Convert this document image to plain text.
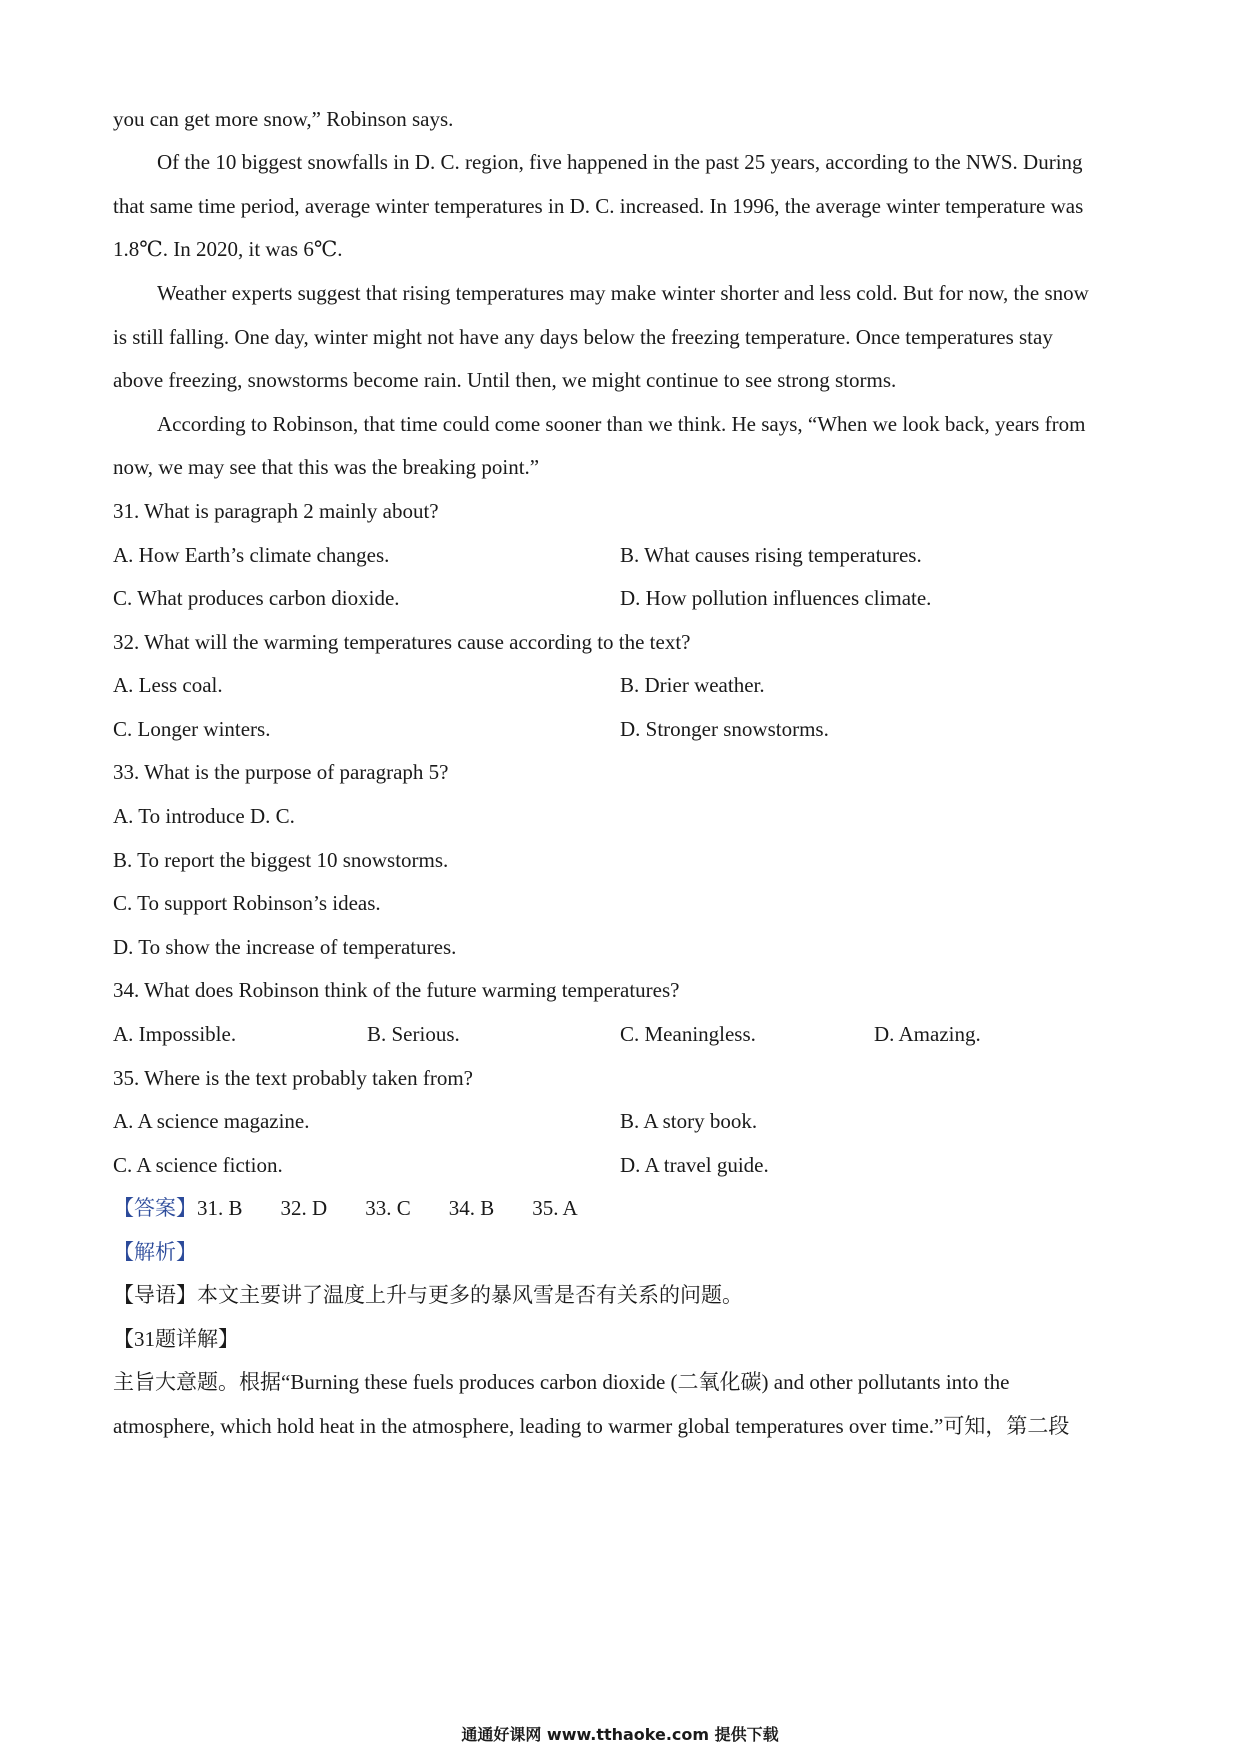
you can get more snow,” Robinson says.
Of the 10 biggest snowfalls in D. C. region, five happened in the past 25 years, according to the NWS. During
that same time period, average winter temperatures in D. C. increased. In 1996, the average winter temperature was
1.8℃. In 2020, it was 6℃.
Weather experts suggest that rising temperatures may make winter shorter and less cold. But for now, the snow
is still falling. One day, winter might not have any days below the freezing temperature. Once temperatures stay
above freezing, snowstorms become rain. Until then, we might continue to see strong storms.
According to Robinson, that time could come sooner than we think. He says, “When we look back, years from
now, we may see that this was the breaking point.”
31. What is paragraph 2 mainly about?
A. How Earth’s climate changes.	B. What causes rising temperatures.
C. What produces carbon dioxide.	D. How pollution influences climate.
32. What will the warming temperatures cause according to the text?
A. Less coal.	B. Drier weather.
C. Longer winters.	D. Stronger snowstorms.
33. What is the purpose of paragraph 5?
A. To introduce D. C.
B. To report the biggest 10 snowstorms.
C. To support Robinson’s ideas.
D. To show the increase of temperatures.
34. What does Robinson think of the future warming temperatures?
A. Impossible.	B. Serious.	C. Meaningless.	D. Amazing.
35. Where is the text probably taken from?
A. A science magazine.	B. A story book.
C. A science fiction.	D. A travel guide.
【答案】31. B 32. D 33. C 34. B 35. A
【解析】
【导语】本文主要讲了温度上升与更多的暴风雪是否有关系的问题。
【31题详解】
主旨大意题。根据“Burning these fuels produces carbon dioxide (二氧化碳) and other pollutants into the
atmosphere, which hold heat in the atmosphere, leading to warmer global temperatures over time.”可知，第二段
通通好课网 www.tthaoke.com 提供下载
